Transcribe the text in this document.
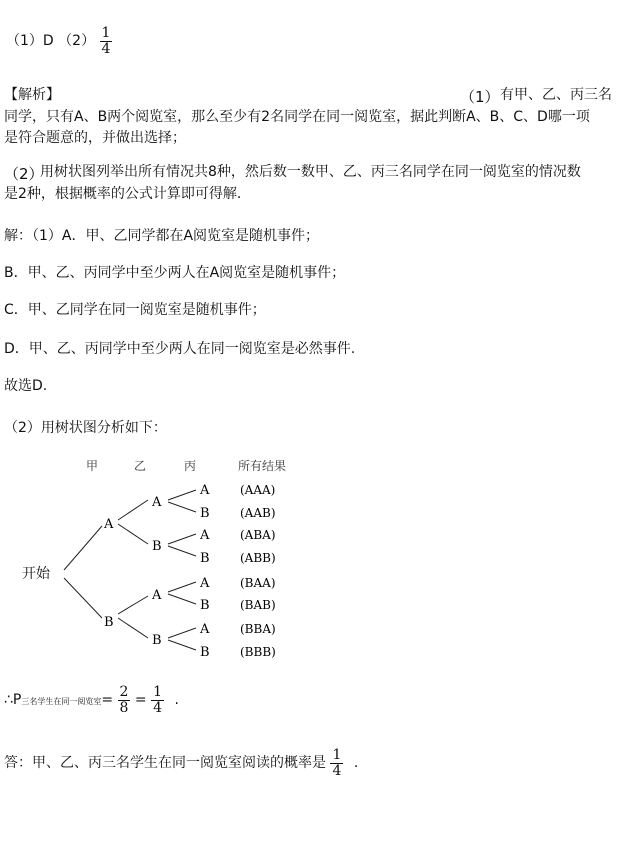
（1）D $(2) \frac{1}{4}$
【解析】	（1） 有甲、乙、丙三名
同学，只有A、B两个阅览室，那么至少有2名同学在同一阅览室，据此判断A、B、C、D哪一项
是符合题意的，并做出选择；
（2）
用树状图列举出所有情况共8种，然后数一数甲、乙、丙三名同学在同一阅览室的情况数
是2种，根据概率的公式计算即可得解.
解：（1）A．甲、乙同学都在A阅览室是随机事件；
B．甲、乙、丙同学中至少两人在A阅览室是随机事件；
C．甲、乙同学在同一阅览室是随机事件；
D．甲、乙、丙同学中至少两人在同一阅览室是必然事件.
故选D.
（2）用树状图分析如下：
甲	乙	丙	所有结果
开始
A
B
A
B
A
B
A
B
A
B
A
B
A
B
(AAA)
(AAB)
(ABA)
(ABB)
(BAA)
(BAB)
(BBA)
(BBB)
∴P三名学生在同一阅览室= $\frac{2}{8} = \frac{1}{4}$ .
答：甲、乙、丙三名学生在同一阅览室阅读的概率是 $\frac{1}{4}$ .
